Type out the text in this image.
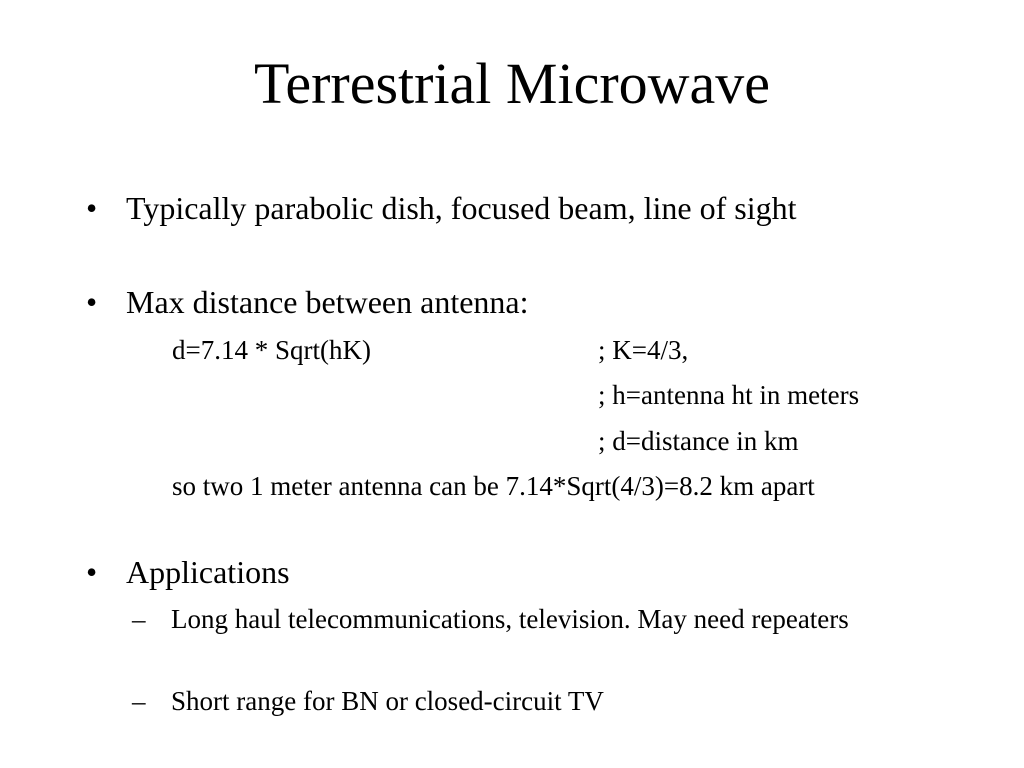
Terrestrial Microwave
• Typically parabolic dish, focused beam, line of sight
• Max distance between antenna:
d=7.14 * Sqrt(hK)	; K=4/3,
; h=antenna ht in meters
; d=distance in km
so two 1 meter antenna can be 7.14*Sqrt(4/3)=8.2 km apart
• Applications
– Long haul telecommunications, television. May need repeaters
– Short range for BN or closed-circuit TV
